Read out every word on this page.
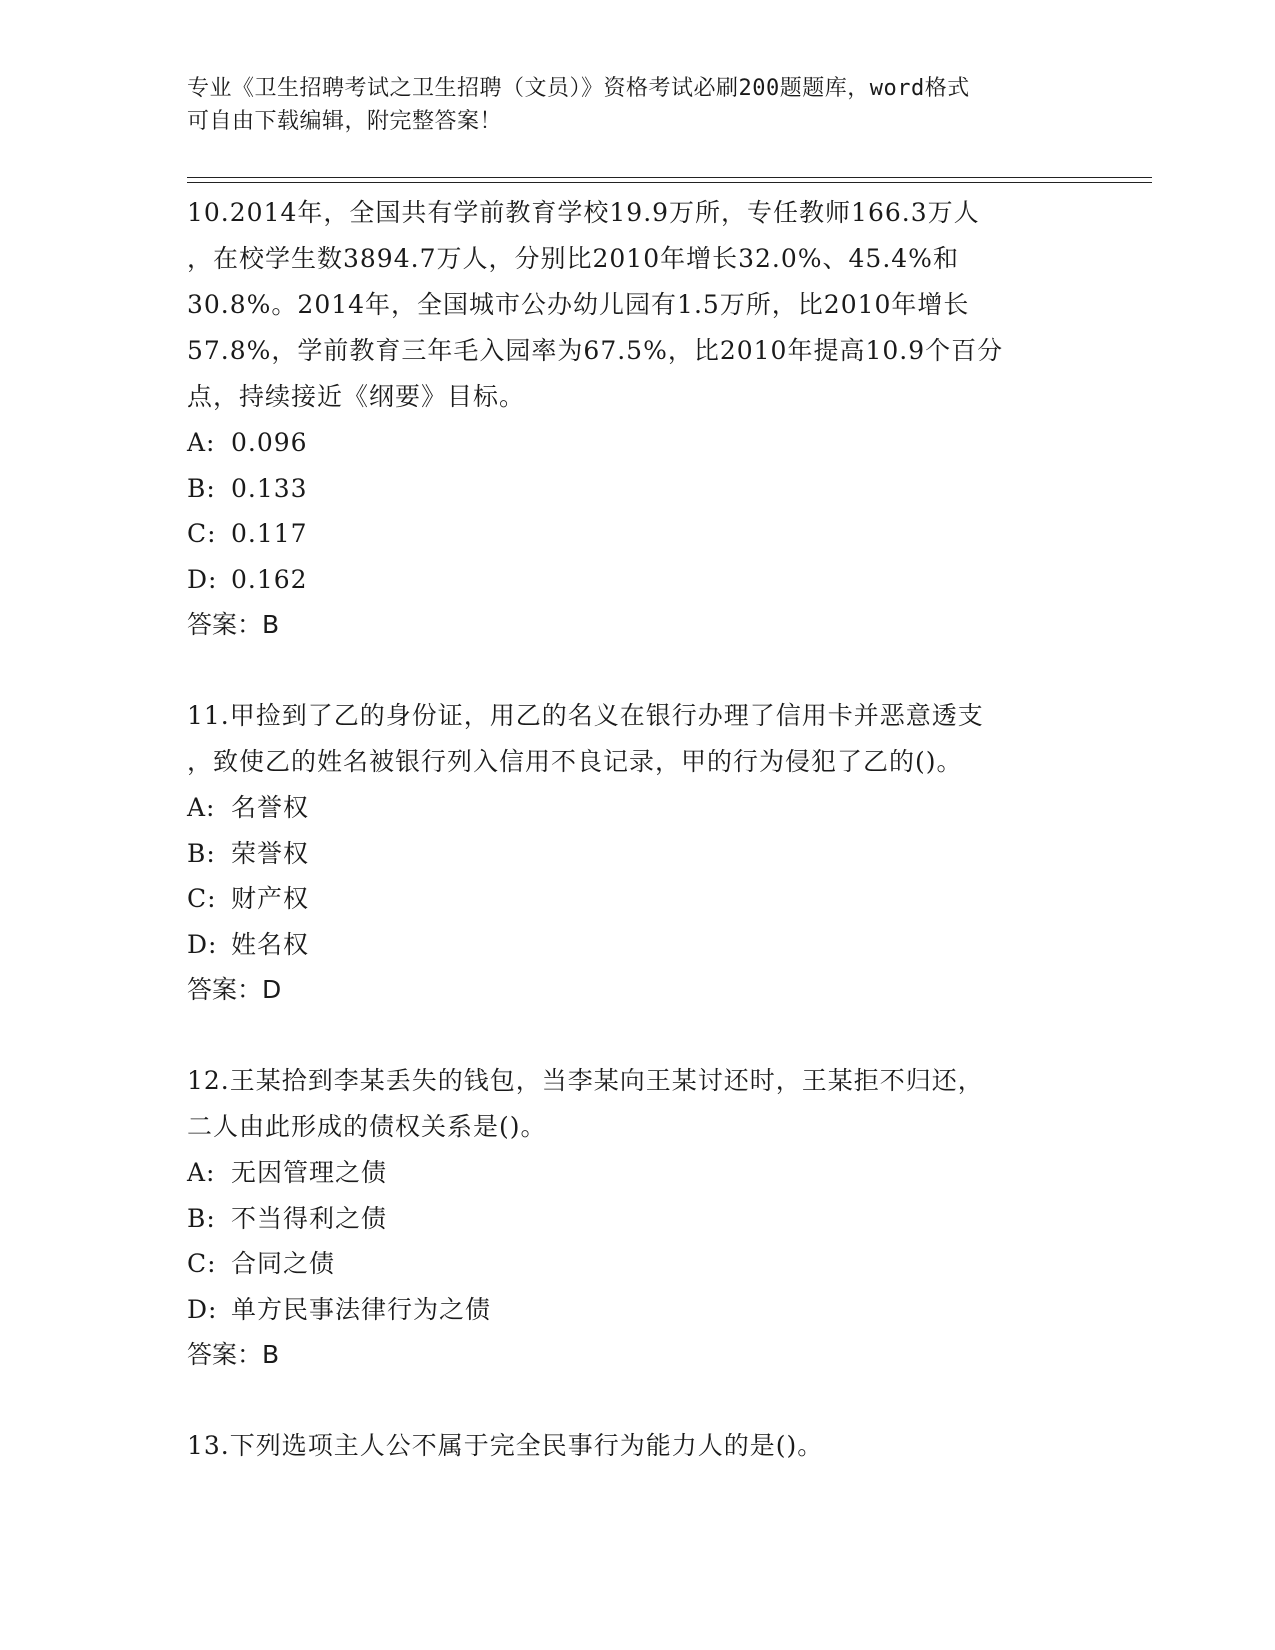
专业《卫生招聘考试之卫生招聘（文员）》资格考试必刷200题题库，word格式
可自由下载编辑，附完整答案！

10.2014年，全国共有学前教育学校19.9万所，专任教师166.3万人

，在校学生数3894.7万人，分别比2010年增长32.0%、45.4%和

30.8%。2014年，全国城市公办幼儿园有1.5万所，比2010年增长

57.8%，学前教育三年毛入园率为67.5%，比2010年提高10.9个百分

点，持续接近《纲要》目标。

A: 0.096

B: 0.133

C: 0.117

D: 0.162

答案：B

11.甲捡到了乙的身份证，用乙的名义在银行办理了信用卡并恶意透支

，致使乙的姓名被银行列入信用不良记录，甲的行为侵犯了乙的()。

A: 名誉权

B: 荣誉权

C: 财产权

D: 姓名权

答案：D

12.王某拾到李某丢失的钱包，当李某向王某讨还时，王某拒不归还，

二人由此形成的债权关系是()。

A: 无因管理之债

B: 不当得利之债

C: 合同之债

D: 单方民事法律行为之债

答案：B

13.下列选项主人公不属于完全民事行为能力人的是()。
